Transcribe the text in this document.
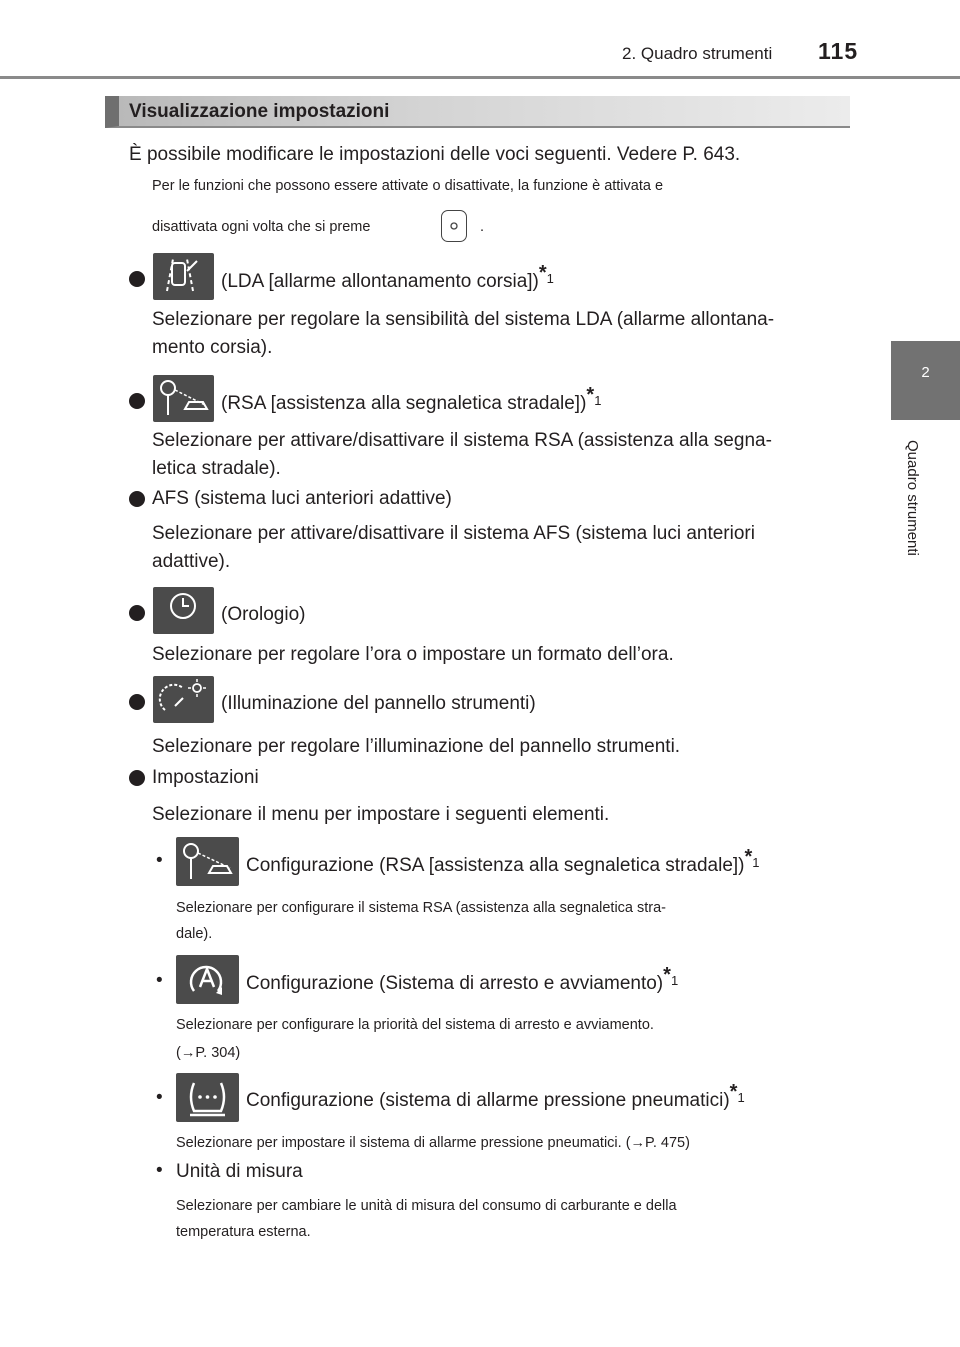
2. Quadro strumenti 115
2
Quadro strumenti
Visualizzazione impostazioni
È possibile modificare le impostazioni delle voci seguenti. Vedere P. 643.
Per le funzioni che possono essere attivate o disattivate, la funzione è attivata e
disattivata ogni volta che si preme	.
(LDA [allarme allontanamento corsia])*$^1$
Selezionare per regolare la sensibilità del sistema LDA (allarme allontana-
mento corsia).
(RSA [assistenza alla segnaletica stradale])*$^1$
Selezionare per attivare/disattivare il sistema RSA (assistenza alla segna-
letica stradale).
AFS (sistema luci anteriori adattive)
Selezionare per attivare/disattivare il sistema AFS (sistema luci anteriori
adattive).
(Orologio)
Selezionare per regolare l’ora o impostare un formato dell’ora.
(Illuminazione del pannello strumenti)
Selezionare per regolare l’illuminazione del pannello strumenti.
Impostazioni
Selezionare il menu per impostare i seguenti elementi.
•	Configurazione (RSA [assistenza alla segnaletica stradale])*$^1$
Selezionare per configurare il sistema RSA (assistenza alla segnaletica stra-
dale).
•	Configurazione (Sistema di arresto e avviamento)*$^1$
Selezionare per configurare la priorità del sistema di arresto e avviamento.
(→P. 304)
•	Configurazione (sistema di allarme pressione pneumatici)*$^1$
Selezionare per impostare il sistema di allarme pressione pneumatici. (→P. 475)
• Unità di misura
Selezionare per cambiare le unità di misura del consumo di carburante e della
temperatura esterna.
